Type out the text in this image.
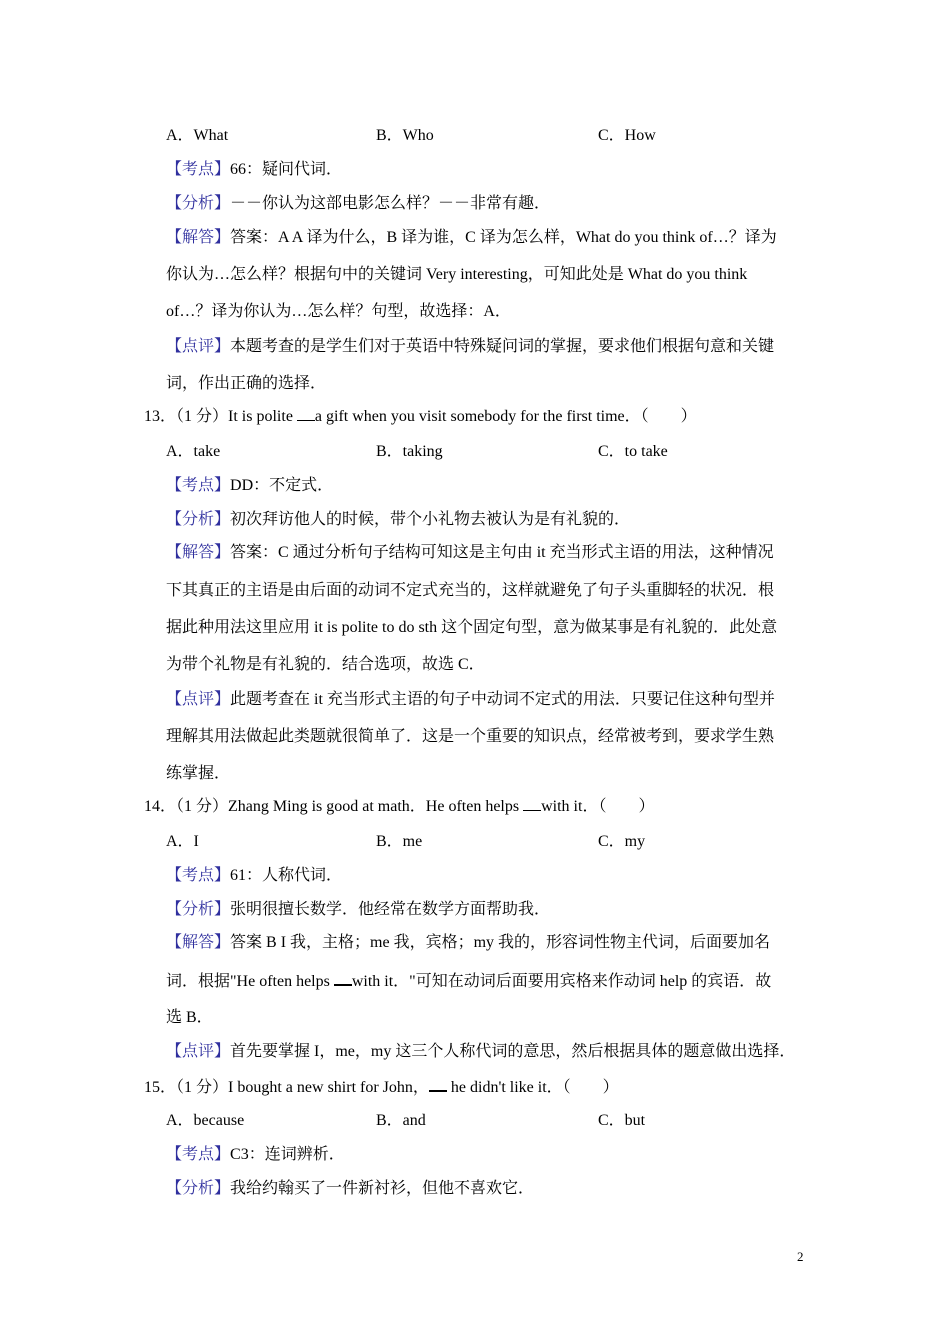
A．What	B．Who	C．How
【考点】66：疑问代词．
【分析】－－你认为这部电影怎么样？－－非常有趣．
【解答】答案：A A 译为什么，B 译为谁，C 译为怎么样，What do you think of…？译为
你认为…怎么样？根据句中的关键词 Very interesting，可知此处是 What do you think
of…？译为你认为…怎么样？句型，故选择：A．
【点评】本题考查的是学生们对于英语中特殊疑问词的掌握，要求他们根据句意和关键
词，作出正确的选择．
13．（1 分）It is polite a gift when you visit somebody for the first time．（　　）
A．take	B．taking	C．to take
【考点】DD：不定式．
【分析】初次拜访他人的时候，带个小礼物去被认为是有礼貌的．
【解答】答案：C 通过分析句子结构可知这是主句由 it 充当形式主语的用法，这种情况
下其真正的主语是由后面的动词不定式充当的，这样就避免了句子头重脚轻的状况．根
据此种用法这里应用 it is polite to do sth 这个固定句型，意为做某事是有礼貌的．此处意
为带个礼物是有礼貌的．结合选项，故选 C．
【点评】此题考查在 it 充当形式主语的句子中动词不定式的用法．只要记住这种句型并
理解其用法做起此类题就很简单了．这是一个重要的知识点，经常被考到，要求学生熟
练掌握．
14．（1 分）Zhang Ming is good at math．He often helps with it．（　　）
A．I	B．me	C．my
【考点】61：人称代词．
【分析】张明很擅长数学．他经常在数学方面帮助我．
【解答】答案 B I 我，主格；me 我，宾格；my 我的，形容词性物主代词，后面要加名
词．根据"He often helps with it．"可知在动词后面要用宾格来作动词 help 的宾语．故
选 B．
【点评】首先要掌握 I，me，my 这三个人称代词的意思，然后根据具体的题意做出选择．
15．（1 分）I bought a new shirt for John， he didn't like it．（　　）
A．because	B．and	C．but
【考点】C3：连词辨析．
【分析】我给约翰买了一件新衬衫，但他不喜欢它．
2
